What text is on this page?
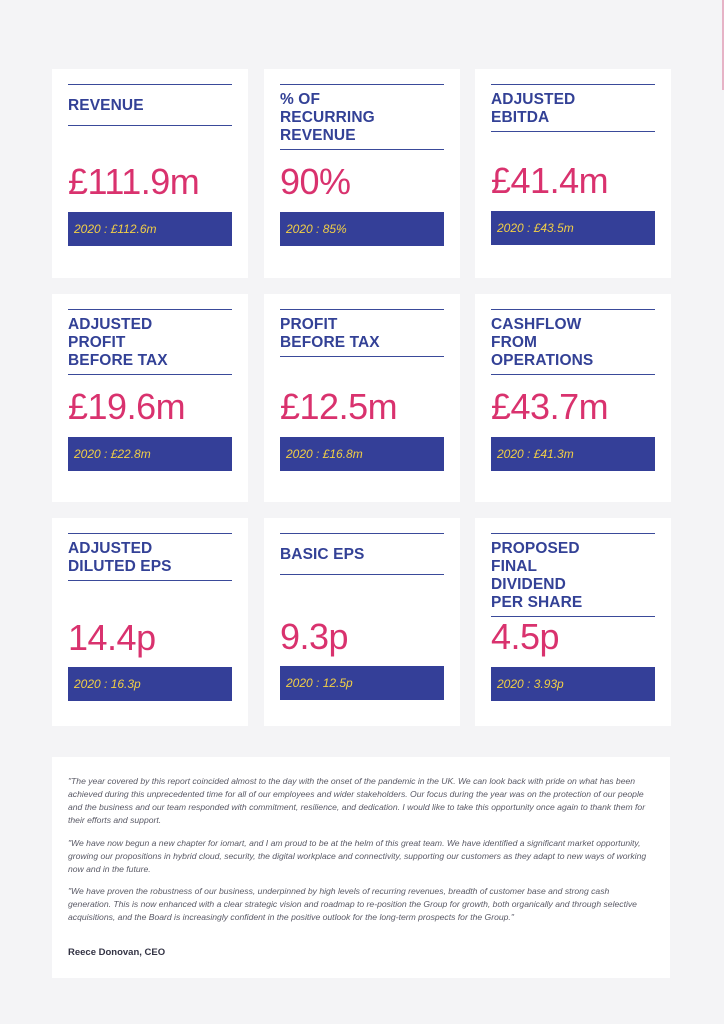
REVENUE
£111.9m
2020 : £112.6m
% OF
RECURRING
REVENUE
90%
2020 : 85%
ADJUSTED
EBITDA
£41.4m
2020 : £43.5m
ADJUSTED
PROFIT
BEFORE TAX
£19.6m
2020 : £22.8m
PROFIT
BEFORE TAX
£12.5m
2020 : £16.8m
CASHFLOW
FROM
OPERATIONS
£43.7m
2020 : £41.3m
ADJUSTED
DILUTED EPS
14.4p
2020 : 16.3p
BASIC EPS
9.3p
2020 : 12.5p
PROPOSED
FINAL
DIVIDEND
PER SHARE
4.5p
2020 : 3.93p

"The year covered by this report coincided almost to the day with the onset of the pandemic in the UK. We can look back with pride on what has been achieved during this unprecedented time for all of our employees and wider stakeholders. Our focus during the year was on the protection of our people and the business and our team responded with commitment, resilience, and dedication. I would like to take this opportunity once again to thank them for their efforts and support.

"We have now begun a new chapter for iomart, and I am proud to be at the helm of this great team. We have identified a significant market opportunity, growing our propositions in hybrid cloud, security, the digital workplace and connectivity, supporting our customers as they adapt to new ways of working now and in the future.

"We have proven the robustness of our business, underpinned by high levels of recurring revenues, breadth of customer base and strong cash generation. This is now enhanced with a clear strategic vision and roadmap to re-position the Group for growth, both organically and through selective acquisitions, and the Board is increasingly confident in the positive outlook for the long-term prospects for the Group."

Reece Donovan, CEO
